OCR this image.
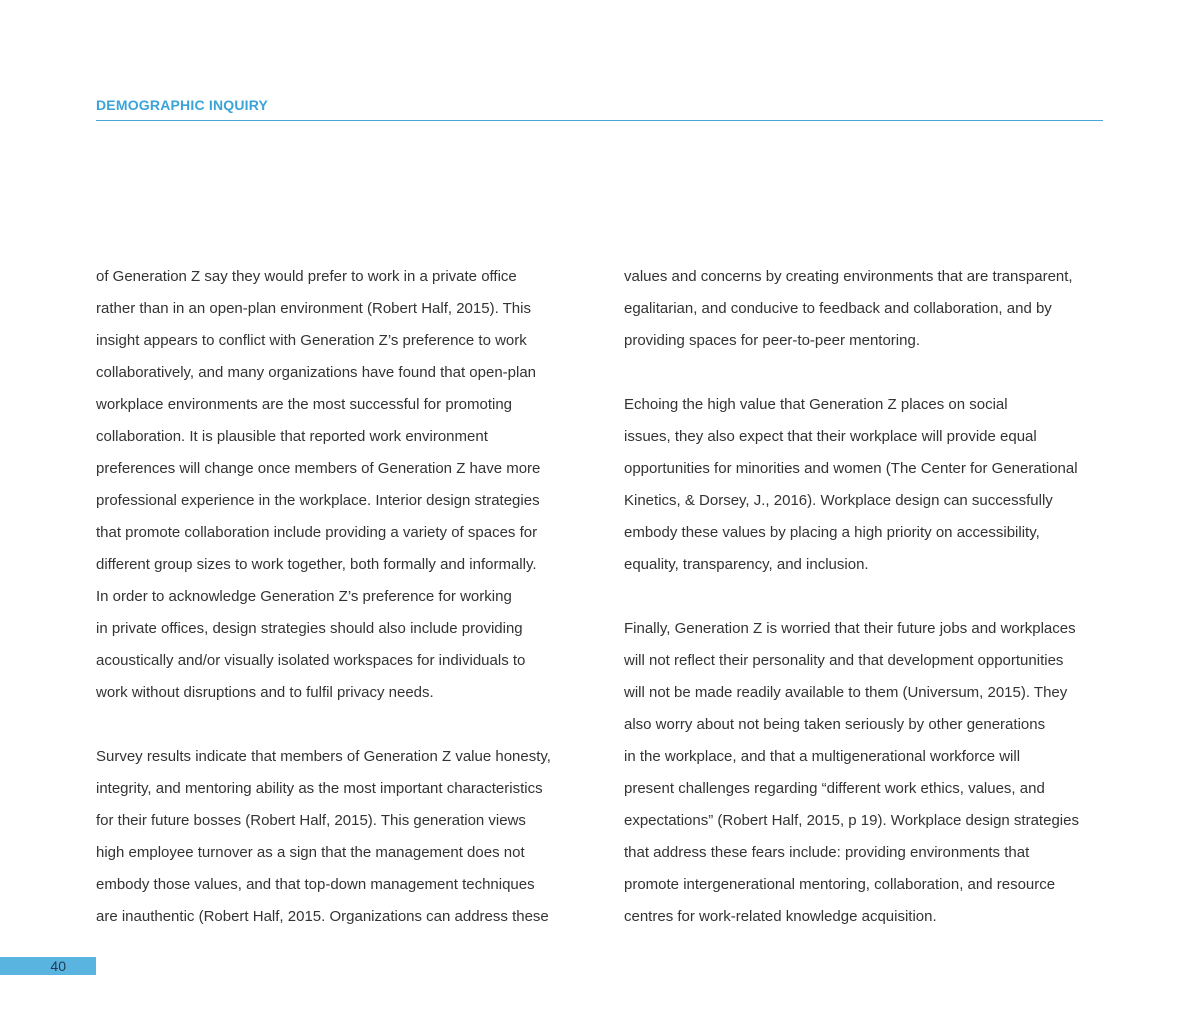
DEMOGRAPHIC INQUIRY

of Generation Z say they would prefer to work in a private office
rather than in an open-plan environment (Robert Half, 2015). This
insight appears to conflict with Generation Z’s preference to work
collaboratively, and many organizations have found that open-plan
workplace environments are the most successful for promoting
collaboration. It is plausible that reported work environment
preferences will change once members of Generation Z have more
professional experience in the workplace. Interior design strategies
that promote collaboration include providing a variety of spaces for
different group sizes to work together, both formally and informally.
In order to acknowledge Generation Z’s preference for working
in private offices, design strategies should also include providing
acoustically and/or visually isolated workspaces for individuals to
work without disruptions and to fulfil privacy needs.

Survey results indicate that members of Generation Z value honesty,
integrity, and mentoring ability as the most important characteristics
for their future bosses (Robert Half, 2015). This generation views
high employee turnover as a sign that the management does not
embody those values, and that top-down management techniques
are inauthentic (Robert Half, 2015. Organizations can address these

values and concerns by creating environments that are transparent,
egalitarian, and conducive to feedback and collaboration, and by
providing spaces for peer-to-peer mentoring.

Echoing the high value that Generation Z places on social
issues, they also expect that their workplace will provide equal
opportunities for minorities and women (The Center for Generational
Kinetics, & Dorsey, J., 2016). Workplace design can successfully
embody these values by placing a high priority on accessibility,
equality, transparency, and inclusion.

Finally, Generation Z is worried that their future jobs and workplaces
will not reflect their personality and that development opportunities
will not be made readily available to them (Universum, 2015). They
also worry about not being taken seriously by other generations
in the workplace, and that a multigenerational workforce will
present challenges regarding “different work ethics, values, and
expectations” (Robert Half, 2015, p 19). Workplace design strategies
that address these fears include: providing environments that
promote intergenerational mentoring, collaboration, and resource
centres for work-related knowledge acquisition.

40
